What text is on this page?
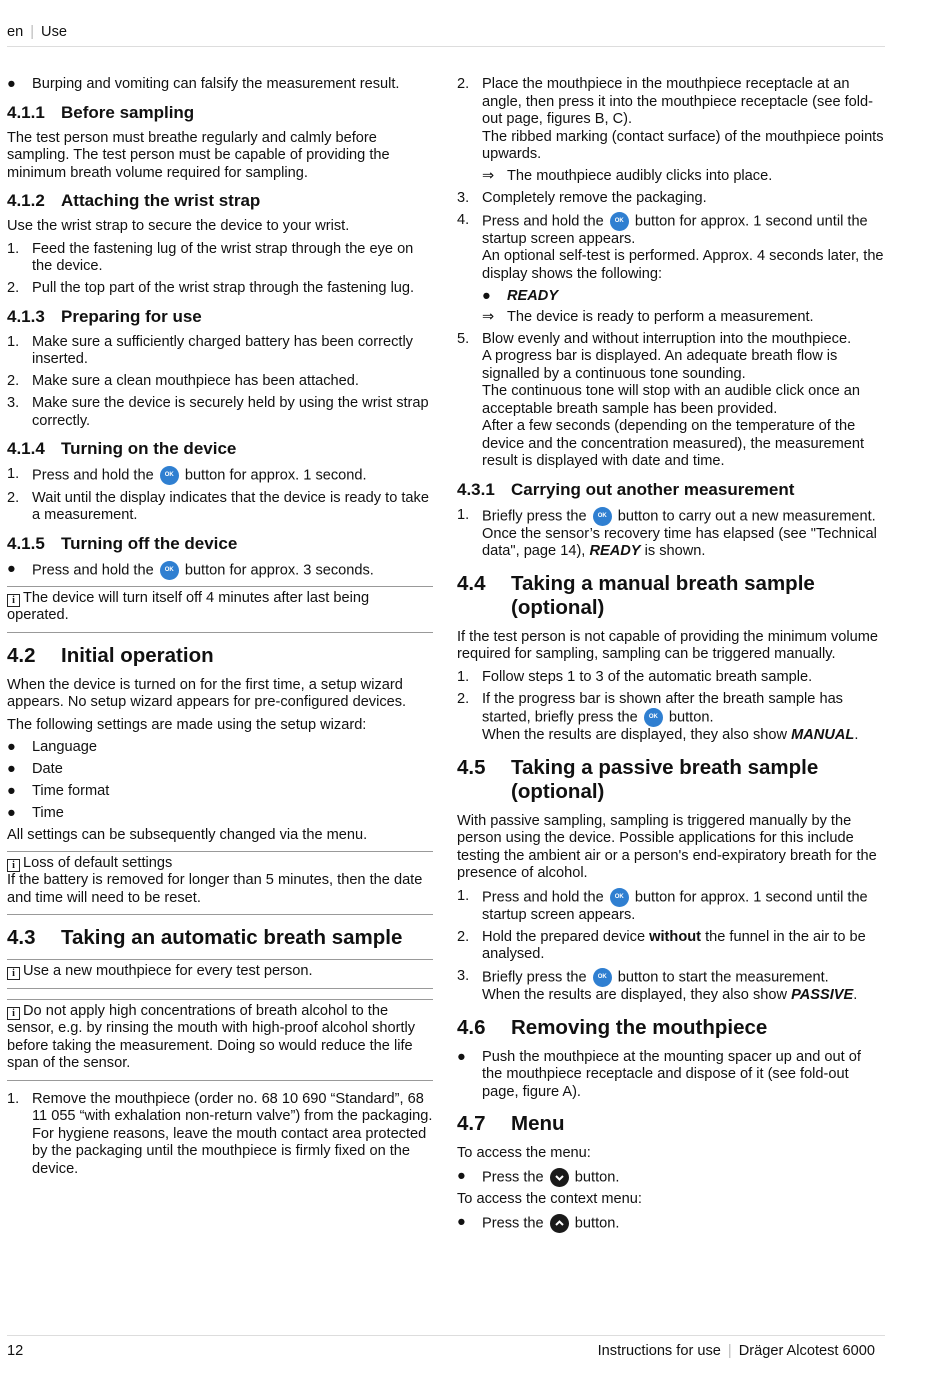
en | Use
●	Burping and vomiting can falsify the measurement result.
4.1.1 Before sampling

The test person must breathe regularly and calmly before sampling. The test person must be capable of providing the minimum breath volume required for sampling.

4.1.2 Attaching the wrist strap

Use the wrist strap to secure the device to your wrist.

1. Feed the fastening lug of the wrist strap through the eye on the device.
2. Pull the top part of the wrist strap through the fastening lug.
4.1.3 Preparing for use
1. Make sure a sufficiently charged battery has been correctly inserted.
2. Make sure a clean mouthpiece has been attached.
3. Make sure the device is securely held by using the wrist strap correctly.
4.1.4 Turning on the device
1. Press and hold the OK button for approx. 1 second.
2. Wait until the display indicates that the device is ready to take a measurement.
4.1.5 Turning off the device
●	Press and hold the OK button for approx. 3 seconds.
i The device will turn itself off 4 minutes after last being operated.
4.2	Initial operation

When the device is turned on for the first time, a setup wizard appears. No setup wizard appears for pre-configured devices.

The following settings are made using the setup wizard:

●	Language
●	Date
●	Time format
●	Time

All settings can be subsequently changed via the menu.

i Loss of default settings
If the battery is removed for longer than 5 minutes, then the date and time will need to be reset.
4.3	Taking an automatic breath sample
i Use a new mouthpiece for every test person.
i Do not apply high concentrations of breath alcohol to the sensor, e.g. by rinsing the mouth with high-proof alcohol shortly before taking the measurement. Doing so would reduce the life span of the sensor.
1. Remove the mouthpiece (order no. 68 10 690 “Standard”, 68 11 055 “with exhalation non-return valve”) from the packaging.
For hygiene reasons, leave the mouth contact area protected by the packaging until the mouthpiece is firmly fixed on the device.
2. Place the mouthpiece in the mouthpiece receptacle at an angle, then press it into the mouthpiece receptacle (see fold-out page, figures B, C).
The ribbed marking (contact surface) of the mouthpiece points upwards.
⇒ The mouthpiece audibly clicks into place.
3. Completely remove the packaging.
4. Press and hold the OK button for approx. 1 second until the startup screen appears.
An optional self-test is performed. Approx. 4 seconds later, the display shows the following:
●	READY
⇒ The device is ready to perform a measurement.
5. Blow evenly and without interruption into the mouthpiece.
A progress bar is displayed. An adequate breath flow is signalled by a continuous tone sounding.
The continuous tone will stop with an audible click once an acceptable breath sample has been provided.
After a few seconds (depending on the temperature of the device and the concentration measured), the measurement result is displayed with date and time.
4.3.1 Carrying out another measurement
1. Briefly press the OK button to carry out a new measurement.
Once the sensor’s recovery time has elapsed (see "Technical data", page 14), READY is shown.
4.4	Taking a manual breath sample (optional)

If the test person is not capable of providing the minimum volume required for sampling, sampling can be triggered manually.

1. Follow steps 1 to 3 of the automatic breath sample.
2. If the progress bar is shown after the breath sample has started, briefly press the OK button.
When the results are displayed, they also show MANUAL.
4.5	Taking a passive breath sample (optional)

With passive sampling, sampling is triggered manually by the person using the device. Possible applications for this include testing the ambient air or a person's end-expiratory breath for the presence of alcohol.

1. Press and hold the OK button for approx. 1 second until the startup screen appears.
2. Hold the prepared device without the funnel in the air to be analysed.
3. Briefly press the OK button to start the measurement.
When the results are displayed, they also show PASSIVE.
4.6	Removing the mouthpiece
●	Push the mouthpiece at the mounting spacer up and out of the mouthpiece receptacle and dispose of it (see fold-out page, figure A).
4.7	Menu

To access the menu:

●	Press the button.

To access the context menu:

●	Press the button.
12	Instructions for use | Dräger Alcotest 6000
